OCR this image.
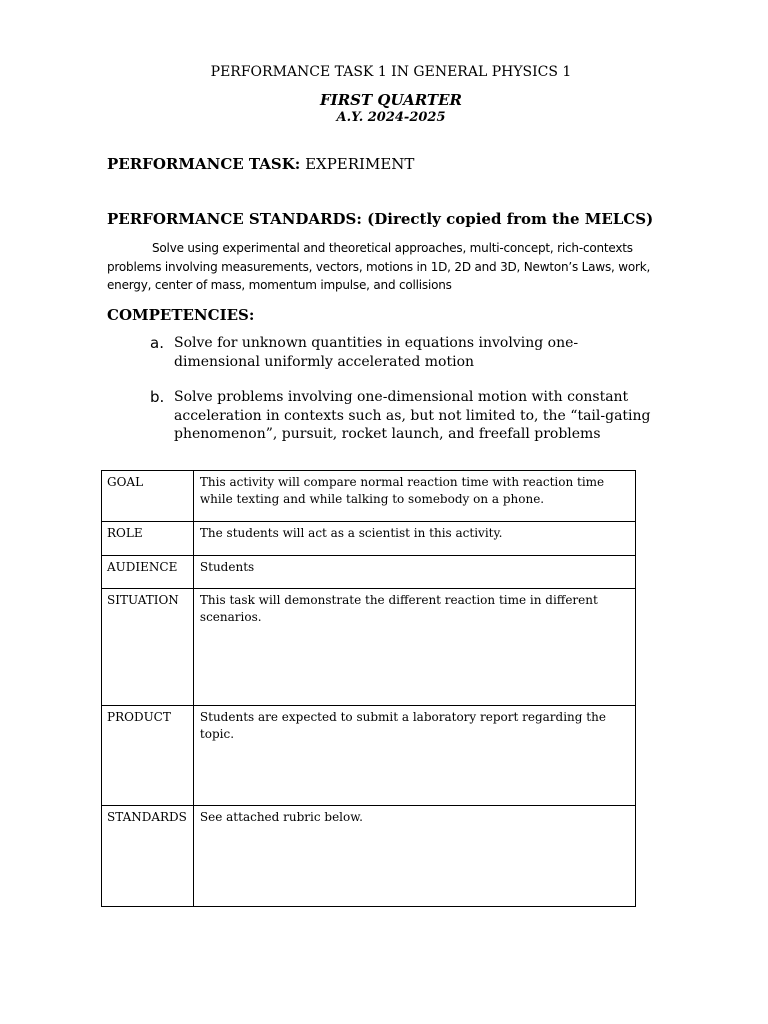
PERFORMANCE TASK 1 IN GENERAL PHYSICS 1
FIRST QUARTER
A.Y. 2024-2025
PERFORMANCE TASK: EXPERIMENT
PERFORMANCE STANDARDS: (Directly copied from the MELCS)

Solve using experimental and theoretical approaches, multi-concept, rich-contexts problems involving measurements, vectors, motions in 1D, 2D and 3D, Newton’s Laws, work, energy, center of mass, momentum impulse, and collisions

COMPETENCIES:
a. Solve for unknown quantities in equations involving one-dimensional uniformly accelerated motion
b. Solve problems involving one-dimensional motion with constant acceleration in contexts such as, but not limited to, the “tail-gating phenomenon”, pursuit, rocket launch, and freefall problems
GOAL	This activity will compare normal reaction time with reaction time while texting and while talking to somebody on a phone.
ROLE	The students will act as a scientist in this activity.
AUDIENCE	Students
SITUATION	This task will demonstrate the different reaction time in different scenarios.
PRODUCT	Students are expected to submit a laboratory report regarding the topic.
STANDARDS	See attached rubric below.
